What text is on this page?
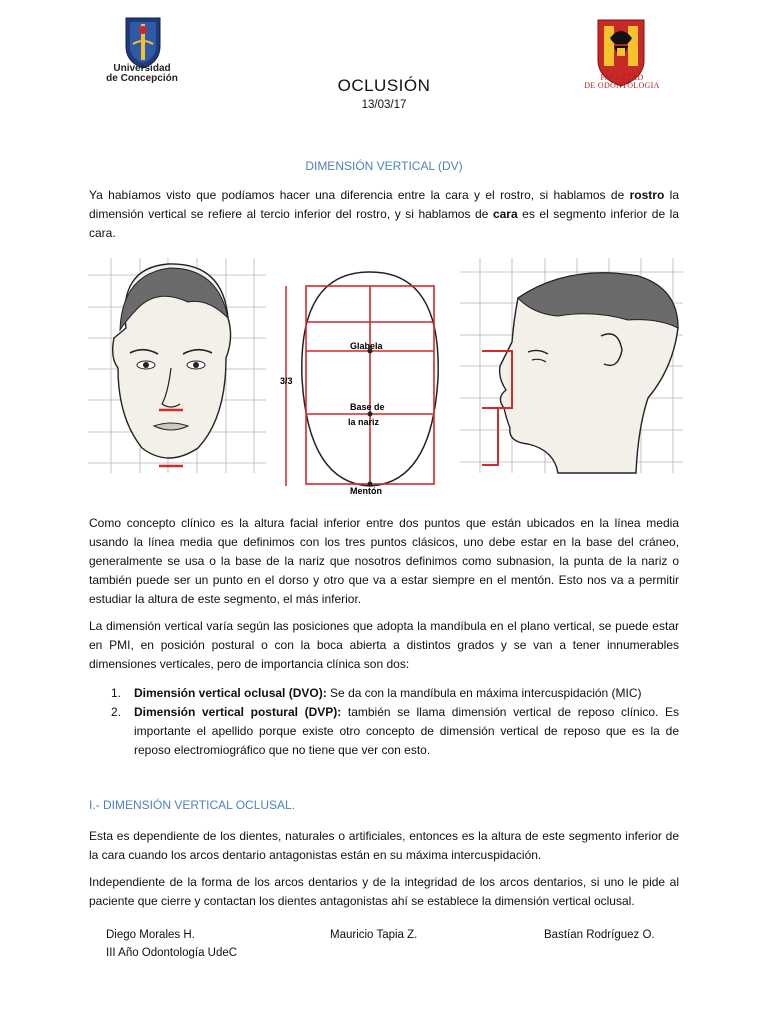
Universidad
de Concepción	FACULTAD
DE ODONTOLOGIA
OCLUSIÓN
13/03/17
DIMENSIÓN VERTICAL (DV)
Ya habíamos visto que podíamos hacer una diferencia entre la cara y el rostro, si hablamos de rostro la dimensión vertical se refiere al tercio inferior del rostro, y si hablamos de cara es el segmento inferior de la cara.
Glabela
Base de
la nariz
Mentón
3/3
Como concepto clínico es la altura facial inferior entre dos puntos que están ubicados en la línea media usando la línea media que definimos con los tres puntos clásicos, uno debe estar en la base del cráneo, generalmente se usa o la base de la nariz que nosotros definimos como subnasion, la punta de la nariz o también puede ser un punto en el dorso y otro que va a estar siempre en el mentón. Esto nos va a permitir estudiar la altura de este segmento, el más inferior.
La dimensión vertical varía según las posiciones que adopta la mandíbula en el plano vertical, se puede estar en PMI, en posición postural o con la boca abierta a distintos grados y se van a tener innumerables dimensiones verticales, pero de importancia clínica son dos:
1. Dimensión vertical oclusal (DVO): Se da con la mandíbula en máxima intercuspidación (MIC)
2. Dimensión vertical postural (DVP): también se llama dimensión vertical de reposo clínico. Es importante el apellido porque existe otro concepto de dimensión vertical de reposo que es la de reposo electromiográfico que no tiene que ver con esto.
I.- DIMENSIÓN VERTICAL OCLUSAL.
Esta es dependiente de los dientes, naturales o artificiales, entonces es la altura de este segmento inferior de la cara cuando los arcos dentario antagonistas están en su máxima intercuspidación.
Independiente de la forma de los arcos dentarios y de la integridad de los arcos dentarios, si uno le pide al paciente que cierre y contactan los dientes antagonistas ahí se establece la dimensión vertical oclusal.
Diego Morales H.	Mauricio Tapia Z.	Bastían Rodríguez O.
III Año Odontología UdeC
